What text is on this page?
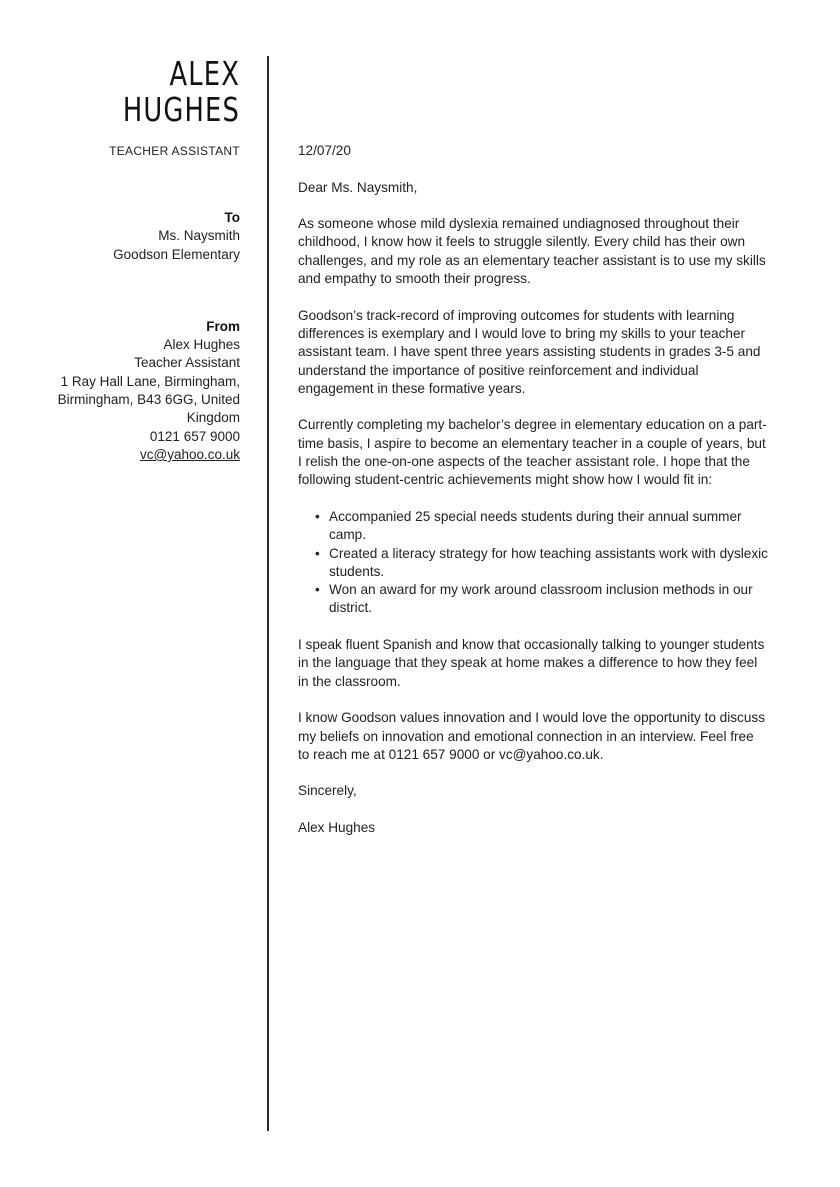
ALEX
HUGHES
TEACHER ASSISTANT
To
Ms. Naysmith
Goodson Elementary
From
Alex Hughes
Teacher Assistant
1 Ray Hall Lane, Birmingham,
Birmingham, B43 6GG, United
Kingdom
0121 657 9000
vc@yahoo.co.uk

12/07/20

Dear Ms. Naysmith,

As someone whose mild dyslexia remained undiagnosed throughout their childhood, I know how it feels to struggle silently. Every child has their own challenges, and my role as an elementary teacher assistant is to use my skills and empathy to smooth their progress.

Goodson’s track-record of improving outcomes for students with learning differences is exemplary and I would love to bring my skills to your teacher assistant team. I have spent three years assisting students in grades 3-5 and understand the importance of positive reinforcement and individual engagement in these formative years.

Currently completing my bachelor’s degree in elementary education on a part-time basis, I aspire to become an elementary teacher in a couple of years, but I relish the one-on-one aspects of the teacher assistant role. I hope that the following student-centric achievements might show how I would fit in:

• Accompanied 25 special needs students during their annual summer camp.
• Created a literacy strategy for how teaching assistants work with dyslexic students.
• Won an award for my work around classroom inclusion methods in our district.

I speak fluent Spanish and know that occasionally talking to younger students in the language that they speak at home makes a difference to how they feel in the classroom.

I know Goodson values innovation and I would love the opportunity to discuss my beliefs on innovation and emotional connection in an interview. Feel free to reach me at 0121 657 9000 or vc@yahoo.co.uk.

Sincerely,

Alex Hughes
